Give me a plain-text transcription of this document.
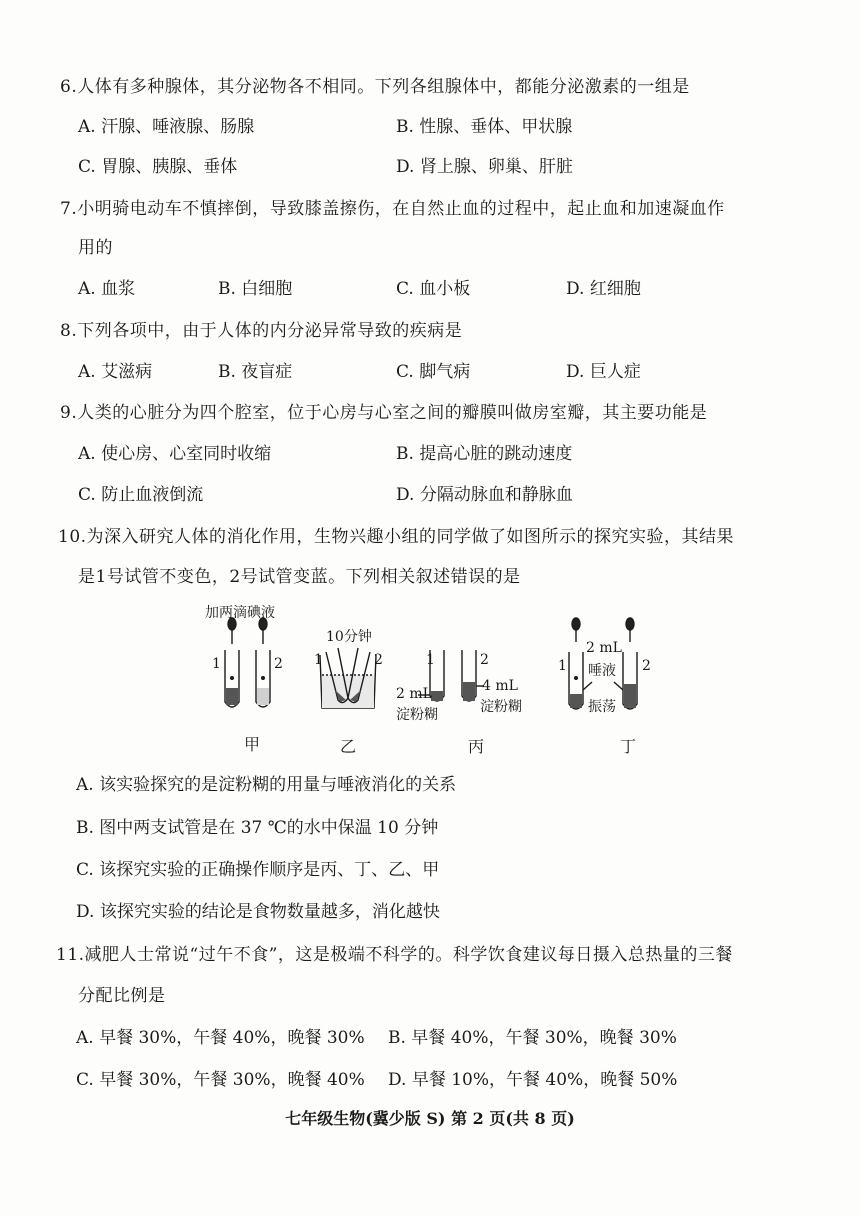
6.人体有多种腺体，其分泌物各不相同。下列各组腺体中，都能分泌激素的一组是
A. 汗腺、唾液腺、肠腺	B. 性腺、垂体、甲状腺
C. 胃腺、胰腺、垂体	D. 肾上腺、卵巢、肝脏
7.小明骑电动车不慎摔倒，导致膝盖擦伤，在自然止血的过程中，起止血和加速凝血作
用的
A. 血浆	B. 白细胞	C. 血小板	D. 红细胞
8.下列各项中，由于人体的内分泌异常导致的疾病是
A. 艾滋病	B. 夜盲症	C. 脚气病	D. 巨人症
9.人类的心脏分为四个腔室，位于心房与心室之间的瓣膜叫做房室瓣，其主要功能是
A. 使心房、心室同时收缩	B. 提高心脏的跳动速度
C. 防止血液倒流	D. 分隔动脉血和静脉血
10.为深入研究人体的消化作用，生物兴趣小组的同学做了如图所示的探究实验，其结果
是1号试管不变色，2号试管变蓝。下列相关叙述错误的是
加两滴碘液
1	2
10分钟
1	2	1	2
2 mL
淀粉糊
4 mL
淀粉糊
1	2
2 mL
唾液
振荡
甲	乙	丙	丁
A. 该实验探究的是淀粉糊的用量与唾液消化的关系
B. 图中两支试管是在 37 ℃的水中保温 10 分钟
C. 该探究实验的正确操作顺序是丙、丁、乙、甲
D. 该探究实验的结论是食物数量越多，消化越快
11.减肥人士常说“过午不食”，这是极端不科学的。科学饮食建议每日摄入总热量的三餐
分配比例是
A. 早餐 30%，午餐 40%，晚餐 30% B. 早餐 40%，午餐 30%，晚餐 30%
C. 早餐 30%，午餐 30%，晚餐 40% D. 早餐 10%，午餐 40%，晚餐 50%
七年级生物(冀少版 S) 第 2 页(共 8 页)
